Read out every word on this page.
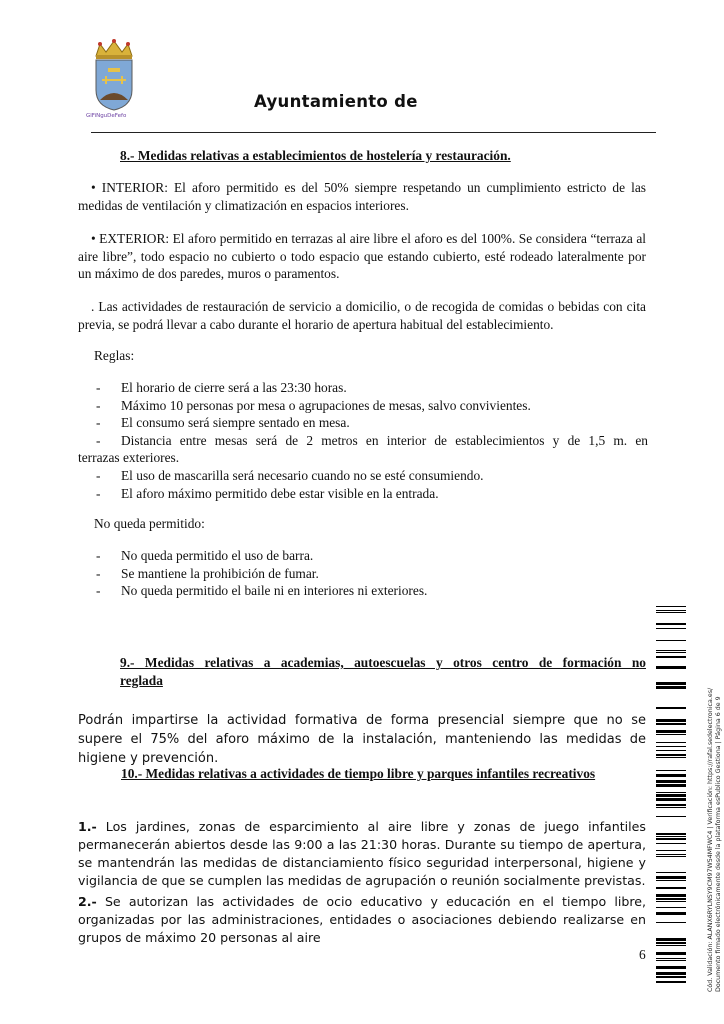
GlFiNguDeFefo
Ayuntamiento de
8.- Medidas relativas a establecimientos de hostelería y restauración.

• INTERIOR: El aforo permitido es del 50% siempre respetando un cumplimiento estricto de las medidas de ventilación y climatización en espacios interiores.

• EXTERIOR: El aforo permitido en terrazas al aire libre el aforo es del 100%. Se considera “terraza al aire libre”, todo espacio no cubierto o todo espacio que estando cubierto, esté rodeado lateralmente por un máximo de dos paredes, muros o paramentos.

. Las actividades de restauración de servicio a domicilio, o de recogida de comidas o bebidas con cita previa, se podrá llevar a cabo durante el horario de apertura habitual del establecimiento.

Reglas:
- El horario de cierre será a las 23:30 horas.
- Máximo 10 personas por mesa o agrupaciones de mesas, salvo convivientes.
- El consumo será siempre sentado en mesa.
- Distancia entre mesas será de 2 metros en interior de establecimientos y de 1,5 m. en
terrazas exteriores.
- El uso de mascarilla será necesario cuando no se esté consumiendo.
- El aforo máximo permitido debe estar visible en la entrada.
No queda permitido:
- No queda permitido el uso de barra.
- Se mantiene la prohibición de fumar.
- No queda permitido el baile ni en interiores ni exteriores.
9.- Medidas relativas a academias, autoescuelas y otros centro de formación no
reglada

Podrán impartirse la actividad formativa de forma presencial siempre que no se supere el 75% del aforo máximo de la instalación, manteniendo las medidas de higiene y prevención.

10.- Medidas relativas a actividades de tiempo libre y parques infantiles recreativos

1.- Los jardines, zonas de esparcimiento al aire libre y zonas de juego infantiles permanecerán abiertos desde las 9:00 a las 21:30 horas. Durante su tiempo de apertura, se mantendrán las medidas de distanciamiento físico seguridad interpersonal, higiene y vigilancia de que se cumplen las medidas de agrupación o reunión socialmente previstas.

2.- Se autorizan las actividades de ocio educativo y educación en el tiempo libre, organizadas por las administraciones, entidades o asociaciones debiendo realizarse en grupos de máximo 20 personas al aire

6	Cód. Validación: ALANX6RYLNSY9CM97W54MFWC4 | Verificación: https://rafal.sedelectronica.es/ Documento firmado electrónicamente desde la plataforma esPublico Gestiona | Página 6 de 9
